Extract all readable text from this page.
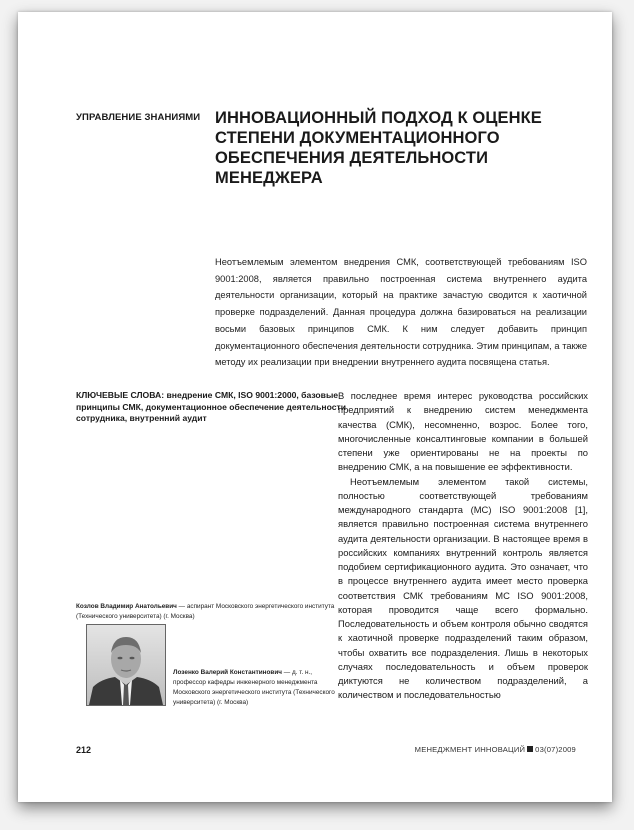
УПРАВЛЕНИЕ ЗНАНИЯМИ ИННОВАЦИОННЫЙ ПОДХОД К ОЦЕНКЕ
СТЕПЕНИ ДОКУМЕНТАЦИОННОГО
ОБЕСПЕЧЕНИЯ ДЕЯТЕЛЬНОСТИ МЕНЕДЖЕРА
Неотъемлемым элементом внедрения СМК, соответствующей требованиям ISO 9001:2008, является правильно построенная система внутреннего аудита деятельности организации, который на практике зачастую сводится к хаотичной проверке подразделений. Данная процедура должна базироваться на реализации восьми базовых принципов СМК. К ним следует добавить принцип документационного обеспечения деятельности сотрудника. Этим принципам, а также методу их реализации при внедрении внутреннего аудита посвящена статья.
КЛЮЧЕВЫЕ СЛОВА: внедрение СМК, ISO 9001:2000, базовые принципы СМК, документационное обеспечение деятельности сотрудника, внутренний аудит

В последнее время интерес руководства российских предприятий к внедрению систем менеджмента качества (СМК), несомненно, возрос. Более того, многочисленные консалтинговые компании в большей степени уже ориентированы не на проекты по внедрению СМК, а на повышение ее эффективности.

Неотъемлемым элементом такой системы, полностью соответствующей требованиям международного стандарта (МС) ISO 9001:2008 [1], является правильно построенная система внутреннего аудита деятельности организации. В настоящее время в российских компаниях внутренний контроль является подобием сертификационного аудита. Это означает, что в процессе внутреннего аудита имеет место проверка соответствия СМК требованиям МС ISO 9001:2008, которая проводится чаще всего формально. Последовательность и объем контроля обычно сводятся к хаотичной проверке подразделений таким образом, чтобы охватить все подразделения. Лишь в некоторых случаях последовательность и объем проверок диктуются не количеством подразделений, а количеством и последовательностью

Козлов Владимир Анатольевич — аспирант Московского энергетического института (Технического университета) (г. Москва)
Лозенко Валерий Константинович — д. т. н., профессор кафедры инженерного менеджмента Московского энергетического института (Технического университета) (г. Москва)
212	МЕНЕДЖМЕНТ ИННОВАЦИЙ 03(07)2009
